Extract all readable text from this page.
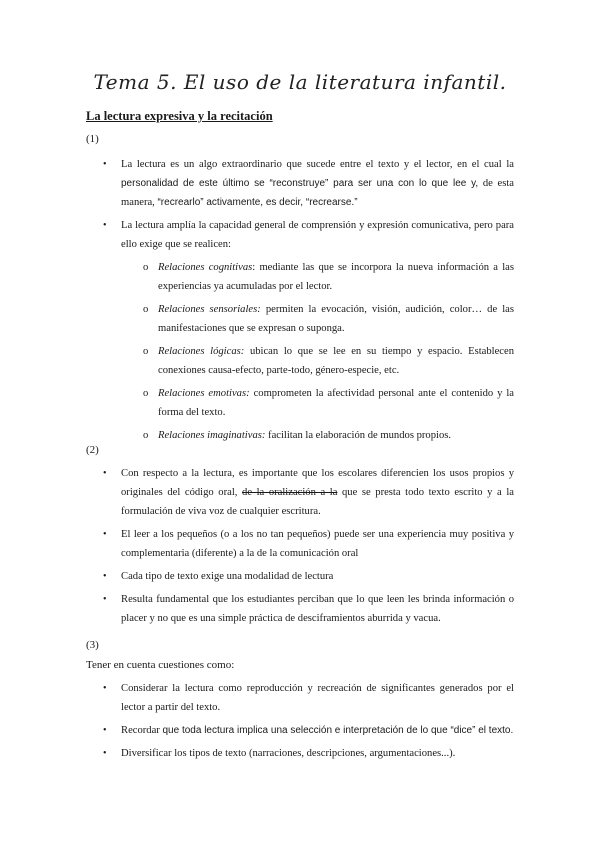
Tema 5. El uso de la literatura infantil.
La lectura expresiva y la recitación
(1)
• La lectura es un algo extraordinario que sucede entre el texto y el lector, en el cual la personalidad de este último se “reconstruye” para ser una con lo que lee y, de esta manera, “recrearlo” activamente, es decir, “recrearse.”
• La lectura amplía la capacidad general de comprensión y expresión comunicativa, pero para ello exige que se realicen:
o Relaciones cognitivas: mediante las que se incorpora la nueva información a las experiencias ya acumuladas por el lector.
o Relaciones sensoriales: permiten la evocación, visión, audición, color… de las manifestaciones que se expresan o suponga.
o Relaciones lógicas: ubican lo que se lee en su tiempo y espacio. Establecen conexiones causa-efecto, parte-todo, género-especie, etc.
o Relaciones emotivas: comprometen la afectividad personal ante el contenido y la forma del texto.
o Relaciones imaginativas: facilitan la elaboración de mundos propios.
(2)
• Con respecto a la lectura, es importante que los escolares diferencien los usos propios y originales del código oral, de la oralización a la que se presta todo texto escrito y a la formulación de viva voz de cualquier escritura.
• El leer a los pequeños (o a los no tan pequeños) puede ser una experiencia muy positiva y complementaria (diferente) a la de la comunicación oral
• Cada tipo de texto exige una modalidad de lectura
• Resulta fundamental que los estudiantes perciban que lo que leen les brinda información o placer y no que es una simple práctica de desciframientos aburrida y vacua.
(3)
Tener en cuenta cuestiones como:
• Considerar la lectura como reproducción y recreación de significantes generados por el lector a partir del texto.
• Recordar que toda lectura implica una selección e interpretación de lo que “dice” el texto.
• Diversificar los tipos de texto (narraciones, descripciones, argumentaciones...).
